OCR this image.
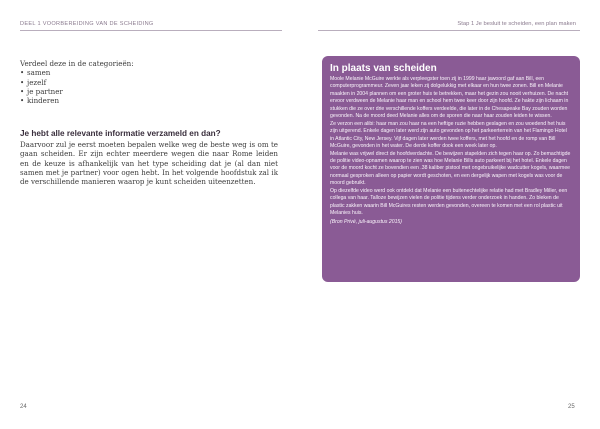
DEEL 1 VOORBEREIDING VAN DE SCHEIDING	Stap 1 Je besluit te scheiden, een plan maken
Verdeel deze in de categorieën:
• samen
• jezelf
• je partner
• kinderen
Je hebt alle relevante informatie verzameld en dan?
Daarvoor zul je eerst moeten bepalen welke weg de beste weg is om te gaan scheiden. Er zijn echter meerdere wegen die naar Rome leiden en de keuze is afhankelijk van het type scheiding dat je (al dan niet samen met je partner) voor ogen hebt. In het volgende hoofdstuk zal ik de verschillende manieren waarop je kunt scheiden uiteenzetten.
In plaats van scheiden

Moole Melanie McGuire werkte als verpleegster toen zij in 1999 haar jawoord gaf aan Bill, een computerprogrammeur. Zeven jaar leken zij dolgelukkig met elkaar en hun twee zonen. Bill en Melanie maakten in 2004 plannen om een groter huis te betrekken, maar het gezin zou nooit verhuizen. De nacht ervoor verdween de Melanie haar man en school hem twee keer door zijn hoofd. Ze hakte zijn lichaam in stukken die ze over drie verschillende koffers verdeelde, die later in de Chesapeake Bay zouden worden gevonden. Na de moord deed Melanie alles om de sporen die naar haar zouden leiden te wissen.

Ze verzon een alibi: haar man zou haar na een heftige ruzie hebben geslagen en zou woedend het huis zijn uitgerend. Enkele dagen later werd zijn auto gevonden op het parkeerterrein van het Flamingo Hotel in Atlantic City, New Jersey. Vijf dagen later werden twee koffers, met het hoofd en de romp van Bill McGuire, gevonden in het water. De derde koffer dook een week later op.

Melanie was vrijwel direct de hoofdverdachte. De bewijzen stapelden zich tegen haar op. Zo bemachtigde de politie video-opnamen waarop te zien was hoe Melanie Bills auto parkeert bij het hotel. Enkele dagen voor de moord kocht ze bovendien een .38 kaliber pistool met ongebruikelijke wadcutter kogels, waarmee normaal gesproken alleen op papier wordt geschoten, en een dergelijk wapen met kogels was voor de moord gebruikt.

Op diezelfde video werd ook ontdekt dat Melanie een buitenechtelijke relatie had met Bradley Miller, een collega van haar. Talloze bewijzen vielen de politie tijdens verder onderzoek in handen. Zo bleken de plastic zakken waarin Bill McGuires resten werden gevonden, overeen te komen met een rol plastic uit Melanies huis.

(Bron Privé, juli-augustus 2015)

24	25
